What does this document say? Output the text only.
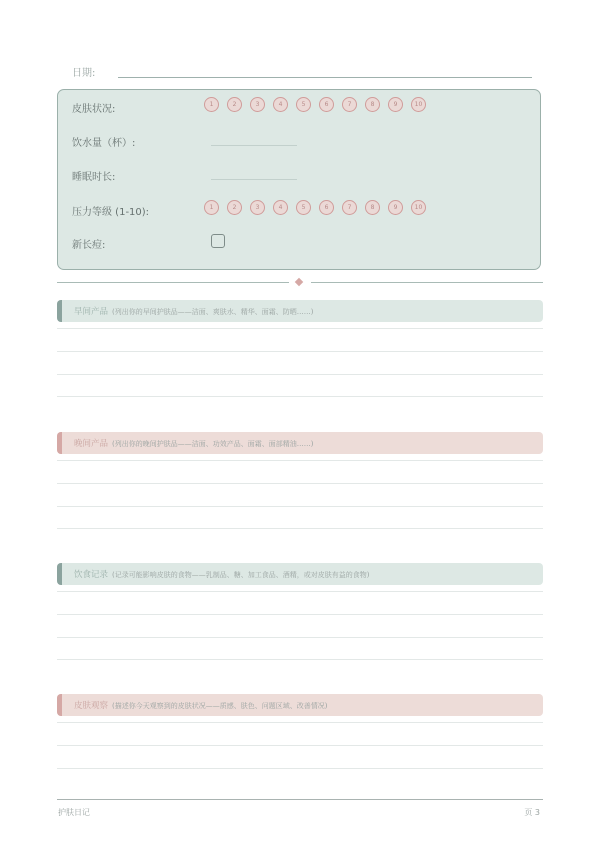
日期:
皮肤状况:	1	2	3	4	5	6	7	8	9	10
饮水量（杯）:
睡眠时长:
压力等级 (1-10):	1	2	3	4	5	6	7	8	9	10
新长痘:
早间产品 (列出你的早间护肤品——洁面、爽肤水、精华、面霜、防晒……)
晚间产品 (列出你的晚间护肤品——洁面、功效产品、面霜、面部精油……)
饮食记录 (记录可能影响皮肤的食物——乳制品、糖、加工食品、酒精，或对皮肤有益的食物)
皮肤观察 (描述你今天观察到的皮肤状况——质感、肤色、问题区域、改善情况)
护肤日记	页 3
